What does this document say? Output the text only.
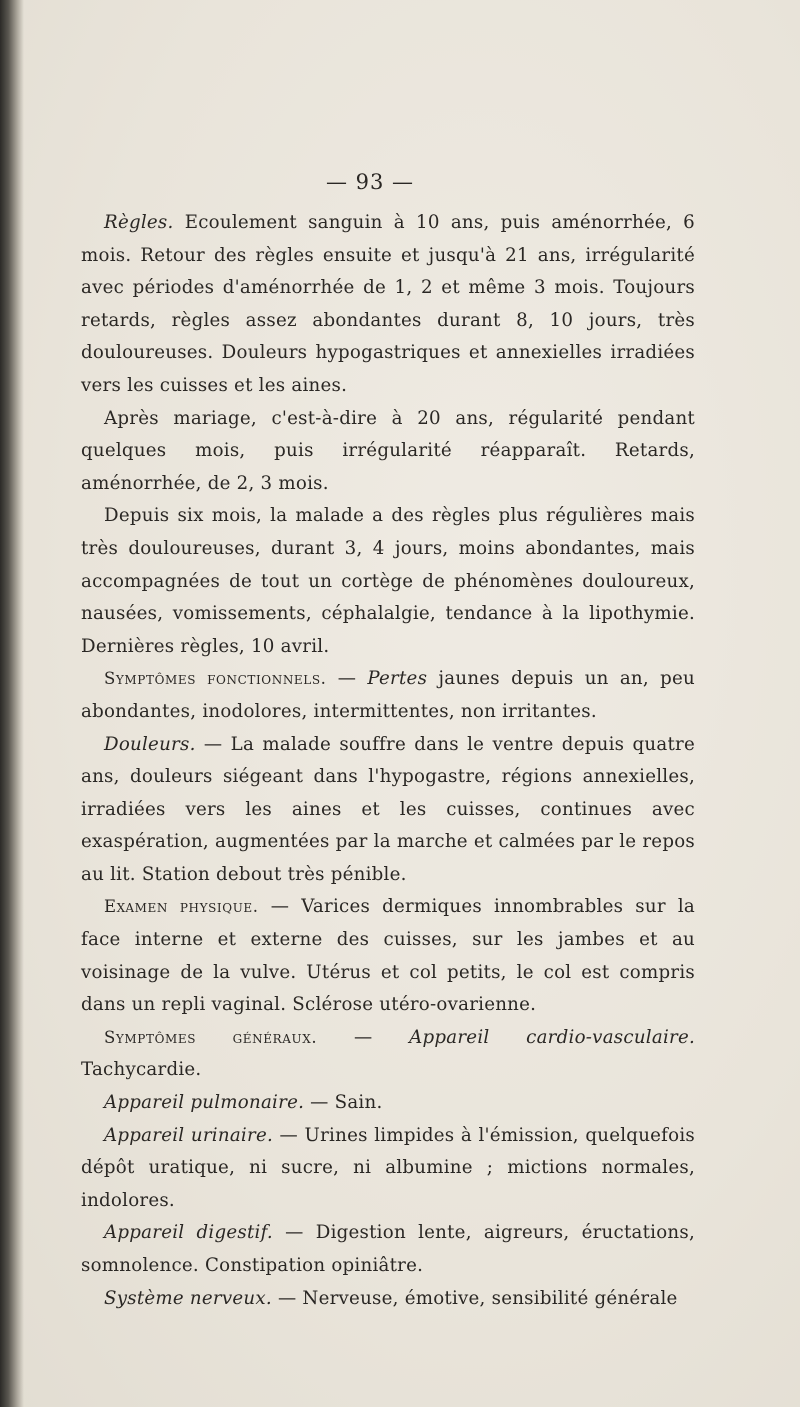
— 93 —

Règles. Ecoulement sanguin à 10 ans, puis aménorrhée, 6 mois. Retour des règles ensuite et jusqu'à 21 ans, irrégularité avec périodes d'aménorrhée de 1, 2 et même 3 mois. Toujours retards, règles assez abondantes durant 8, 10 jours, très douloureuses. Douleurs hypogastriques et annexielles irradiées vers les cuisses et les aines.

Après mariage, c'est-à-dire à 20 ans, régularité pendant quelques mois, puis irrégularité réapparaît. Retards, aménorrhée, de 2, 3 mois.

Depuis six mois, la malade a des règles plus régulières mais très douloureuses, durant 3, 4 jours, moins abondantes, mais accompagnées de tout un cortège de phénomènes douloureux, nausées, vomissements, céphalalgie, tendance à la lipothymie. Dernières règles, 10 avril.

Symptômes fonctionnels. — Pertes jaunes depuis un an, peu abondantes, inodolores, intermittentes, non irritantes.

Douleurs. — La malade souffre dans le ventre depuis quatre ans, douleurs siégeant dans l'hypogastre, régions annexielles, irradiées vers les aines et les cuisses, continues avec exaspération, augmentées par la marche et calmées par le repos au lit. Station debout très pénible.

Examen physique. — Varices dermiques innombrables sur la face interne et externe des cuisses, sur les jambes et au voisinage de la vulve. Utérus et col petits, le col est compris dans un repli vaginal. Sclérose utéro-ovarienne.

Symptômes généraux. — Appareil cardio-vasculaire. Tachycardie.

Appareil pulmonaire. — Sain.

Appareil urinaire. — Urines limpides à l'émission, quelquefois dépôt uratique, ni sucre, ni albumine ; mictions normales, indolores.

Appareil digestif. — Digestion lente, aigreurs, éructations, somnolence. Constipation opiniâtre.

Système nerveux. — Nerveuse, émotive, sensibilité générale
